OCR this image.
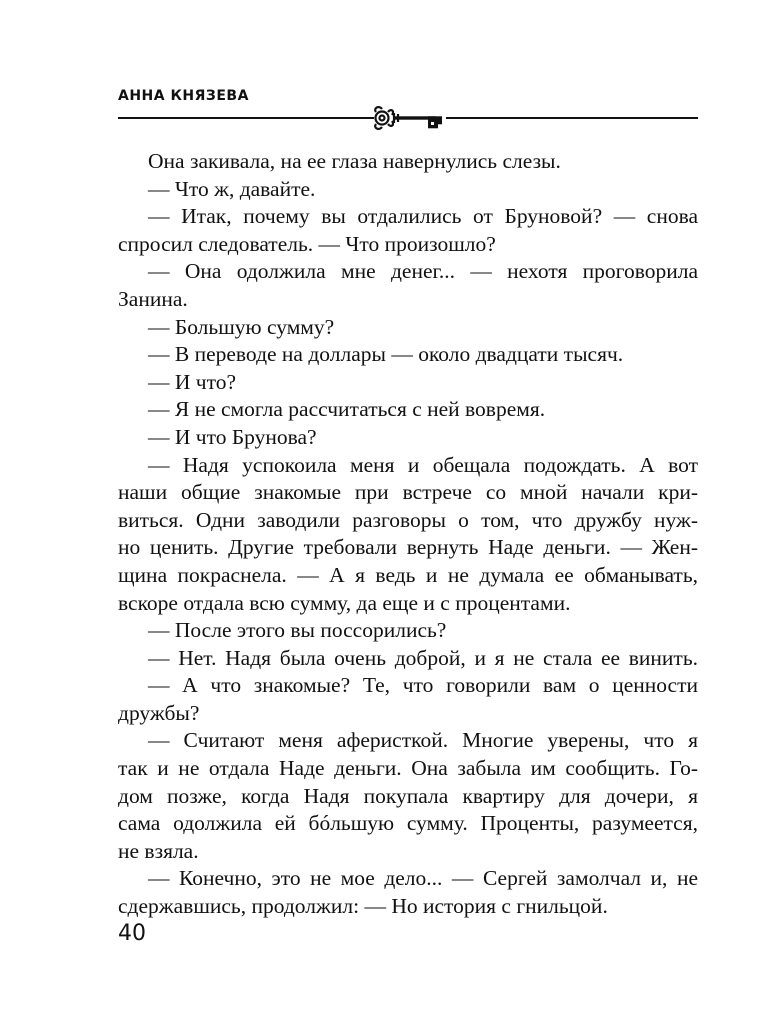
АННА КНЯЗЕВА
Она закивала, на ее глаза навернулись слезы.
— Что ж, давайте.
— Итак, почему вы отдалились от Бруновой? — снова
спросил следователь. — Что произошло?
— Она одолжила мне денег... — нехотя проговорила
Занина.
— Большую сумму?
— В переводе на доллары — около двадцати тысяч.
— И что?
— Я не смогла рассчитаться с ней вовремя.
— И что Брунова?
— Надя успокоила меня и обещала подождать. А вот
наши общие знакомые при встрече со мной начали кри-
виться. Одни заводили разговоры о том, что дружбу нуж-
но ценить. Другие требовали вернуть Наде деньги. — Жен-
щина покраснела. — А я ведь и не думала ее обманывать,
вскоре отдала всю сумму, да еще и с процентами.
— После этого вы поссорились?
— Нет. Надя была очень доброй, и я не стала ее винить.
— А что знакомые? Те, что говорили вам о ценности
дружбы?
— Считают меня аферисткой. Многие уверены, что я
так и не отдала Наде деньги. Она забыла им сообщить. Го-
дом позже, когда Надя покупала квартиру для дочери, я
сама одолжила ей бóльшую сумму. Проценты, разумеется,
не взяла.
— Конечно, это не мое дело... — Сергей замолчал и, не
сдержавшись, продолжил: — Но история с гнильцой.
40
